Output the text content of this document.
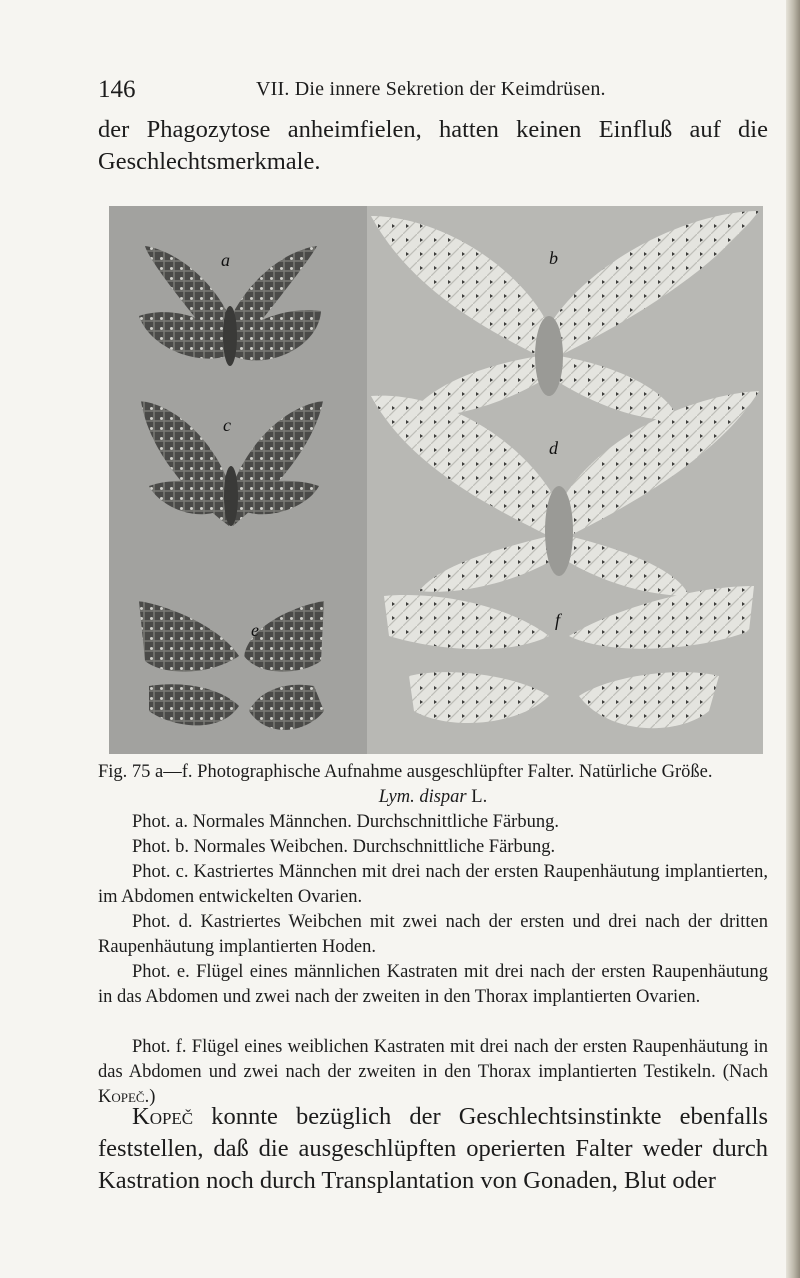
146	VII. Die innere Sekretion der Keimdrüsen.

der Phagozytose anheimfielen, hatten keinen Einfluß auf die Geschlechtsmerkmale.

a
c
e
b
d
f

Fig. 75 a—f. Photographische Aufnahme ausgeschlüpfter Falter. Natürliche Größe.

Lym. dispar L.

Phot. a. Normales Männchen. Durchschnittliche Färbung.

Phot. b. Normales Weibchen. Durchschnittliche Färbung.

Phot. c. Kastriertes Männchen mit drei nach der ersten Raupenhäutung implantierten, im Abdomen entwickelten Ovarien.

Phot. d. Kastriertes Weibchen mit zwei nach der ersten und drei nach der dritten Raupenhäutung implantierten Hoden.

Phot. e. Flügel eines männlichen Kastraten mit drei nach der ersten Raupenhäutung in das Abdomen und zwei nach der zweiten in den Thorax implantierten Ovarien.

Phot. f. Flügel eines weiblichen Kastraten mit drei nach der ersten Raupenhäutung in das Abdomen und zwei nach der zweiten in den Thorax implantierten Testikeln. (Nach Kopeč.)

Kopeč konnte bezüglich der Geschlechtsinstinkte ebenfalls feststellen, daß die ausgeschlüpften operierten Falter weder durch Kastration noch durch Transplantation von Gonaden, Blut oder
